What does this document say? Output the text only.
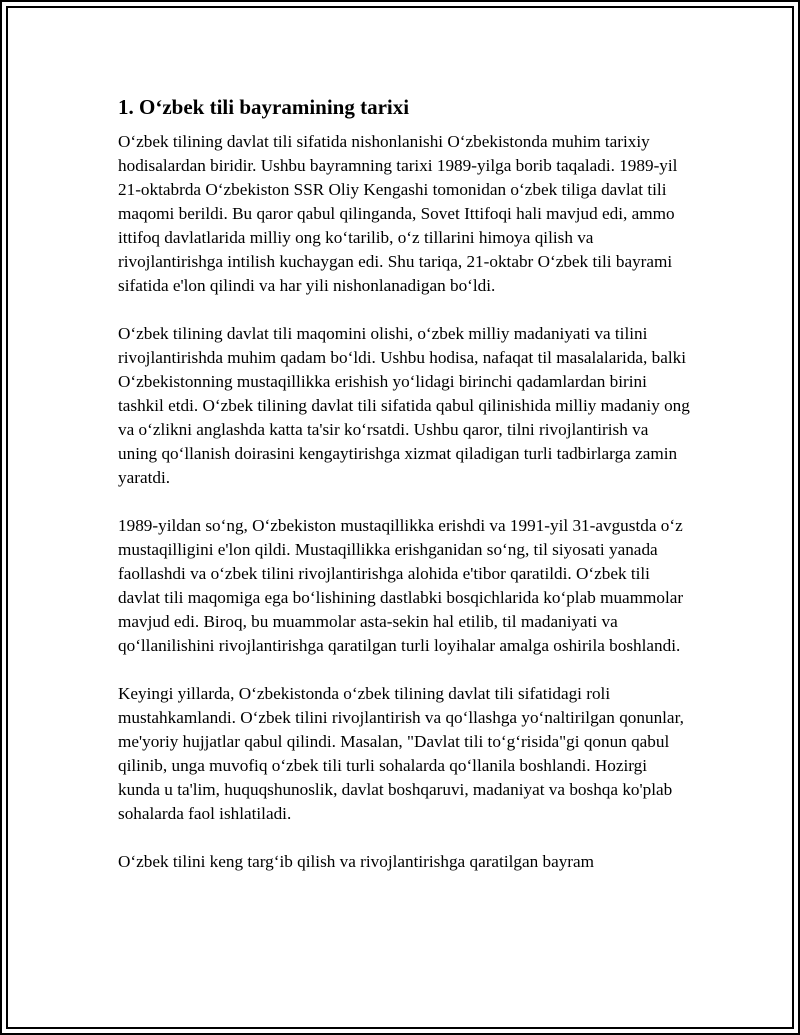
1. O‘zbek tili bayramining tarixi

O‘zbek tilining davlat tili sifatida nishonlanishi O‘zbekistonda muhim tarixiy hodisalardan biridir. Ushbu bayramning tarixi 1989-yilga borib taqaladi. 1989-yil 21-oktabrda O‘zbekiston SSR Oliy Kengashi tomonidan o‘zbek tiliga davlat tili maqomi berildi. Bu qaror qabul qilinganda, Sovet Ittifoqi hali mavjud edi, ammo ittifoq davlatlarida milliy ong ko‘tarilib, o‘z tillarini himoya qilish va rivojlantirishga intilish kuchaygan edi. Shu tariqa, 21-oktabr O‘zbek tili bayrami sifatida e'lon qilindi va har yili nishonlanadigan bo‘ldi.

O‘zbek tilining davlat tili maqomini olishi, o‘zbek milliy madaniyati va tilini rivojlantirishda muhim qadam bo‘ldi. Ushbu hodisa, nafaqat til masalalarida, balki O‘zbekistonning mustaqillikka erishish yo‘lidagi birinchi qadamlardan birini tashkil etdi. O‘zbek tilining davlat tili sifatida qabul qilinishida milliy madaniy ong va o‘zlikni anglashda katta ta'sir ko‘rsatdi. Ushbu qaror, tilni rivojlantirish va uning qo‘llanish doirasini kengaytirishga xizmat qiladigan turli tadbirlarga zamin yaratdi.

1989-yildan so‘ng, O‘zbekiston mustaqillikka erishdi va 1991-yil 31-avgustda o‘z mustaqilligini e'lon qildi. Mustaqillikka erishganidan so‘ng, til siyosati yanada faollashdi va o‘zbek tilini rivojlantirishga alohida e'tibor qaratildi. O‘zbek tili davlat tili maqomiga ega bo‘lishining dastlabki bosqichlarida ko‘plab muammolar mavjud edi. Biroq, bu muammolar asta-sekin hal etilib, til madaniyati va qo‘llanilishini rivojlantirishga qaratilgan turli loyihalar amalga oshirila boshlandi.

Keyingi yillarda, O‘zbekistonda o‘zbek tilining davlat tili sifatidagi roli mustahkamlandi. O‘zbek tilini rivojlantirish va qo‘llashga yo‘naltirilgan qonunlar, me'yoriy hujjatlar qabul qilindi. Masalan, "Davlat tili to‘g‘risida"gi qonun qabul qilinib, unga muvofiq o‘zbek tili turli sohalarda qo‘llanila boshlandi. Hozirgi kunda u ta'lim, huquqshunoslik, davlat boshqaruvi, madaniyat va boshqa ko'plab sohalarda faol ishlatiladi.

O‘zbek tilini keng targ‘ib qilish va rivojlantirishga qaratilgan bayram
